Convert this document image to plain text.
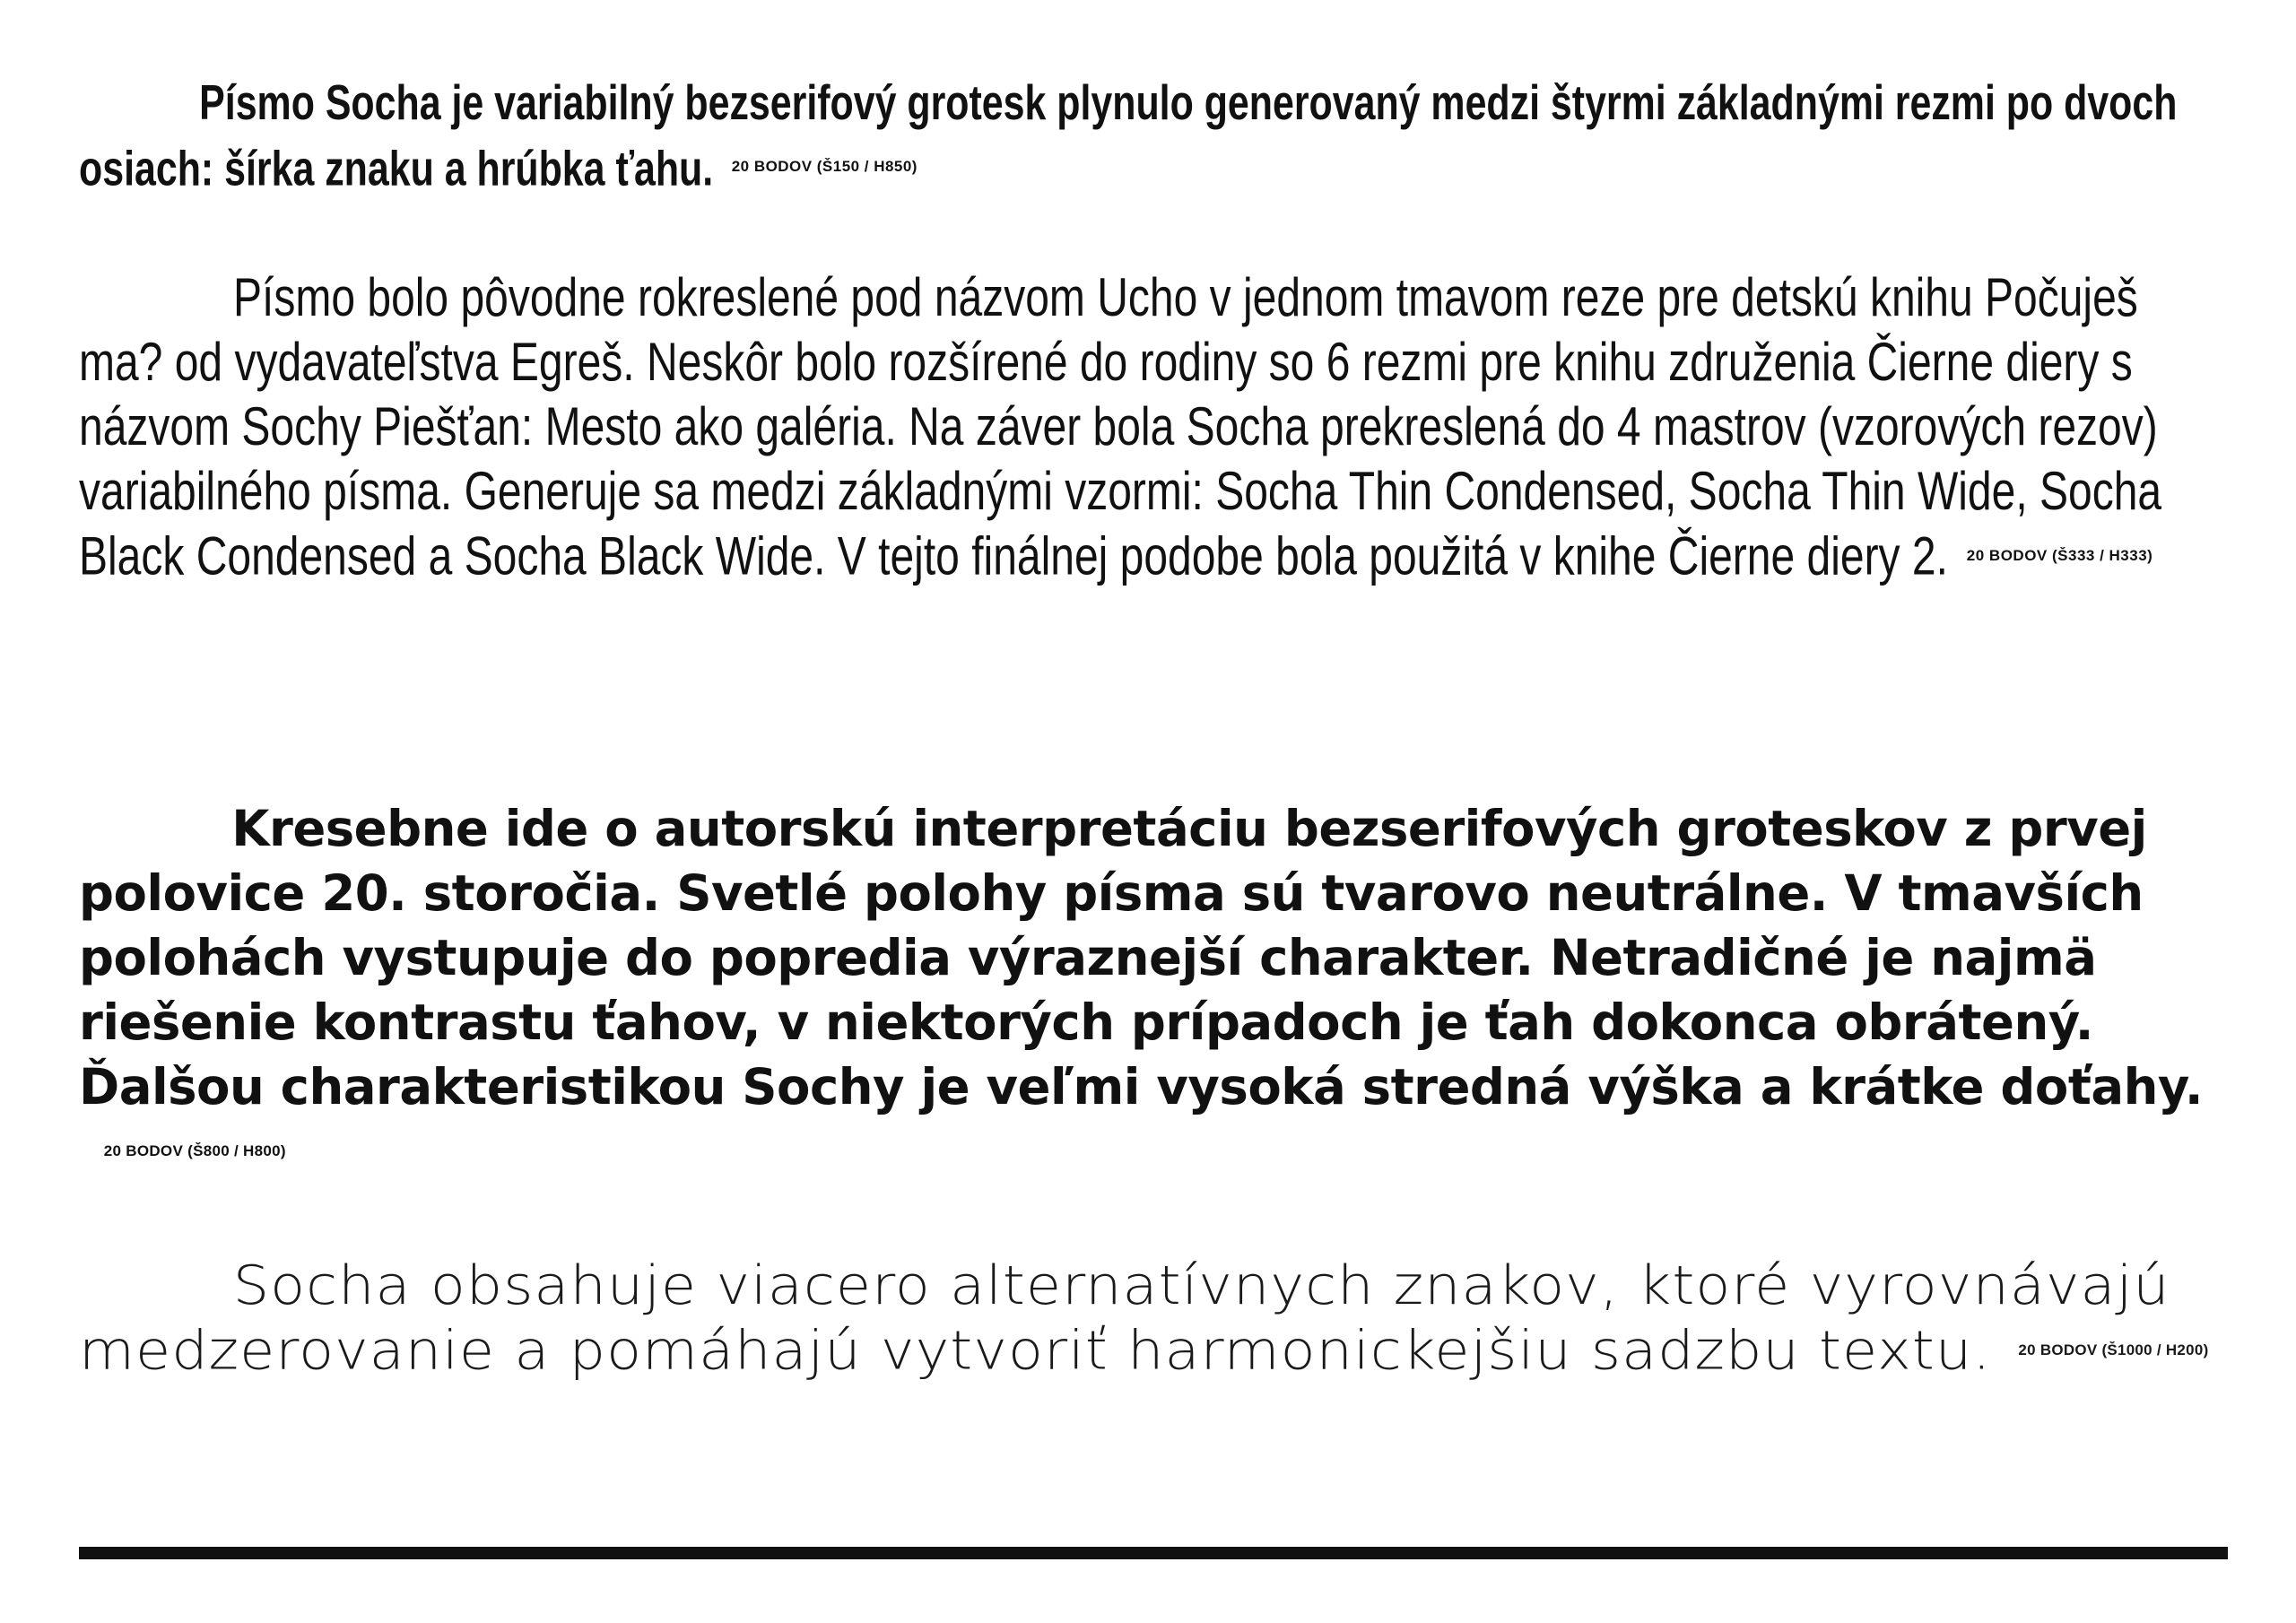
Písmo Socha je variabilný bezserifový grotesk plynulo generovaný medzi štyrmi základnými rezmi po dvoch osiach: šírka znaku a hrúbka ťahu. 20 BODOV (Š150 / H850)

Písmo bolo pôvodne rokreslené pod názvom Ucho v jednom tmavom reze pre detskú knihu Počuješ ma? od vydavateľstva Egreš. Neskôr bolo rozšírené do rodiny so 6 rezmi pre knihu združenia Čierne diery s názvom Sochy Piešťan: Mesto ako galéria. Na záver bola Socha prekreslená do 4 mastrov (vzorových rezov) variabilného písma. Generuje sa medzi základnými vzormi: Socha Thin Condensed, Socha Thin Wide, Socha Black Condensed a Socha Black Wide. V tejto finálnej podobe bola použitá v knihe Čierne diery 2. 20 BODOV (Š333 / H333)

Kresebne ide o autorskú interpretáciu bezserifových groteskov z prvej polovice 20. storočia. Svetlé polohy písma sú tvarovo neutrálne. V tmavších polohách vystupuje do popredia výraznejší charakter. Netradičné je najmä riešenie kontrastu ťahov, v niektorých prípadoch je ťah dokonca obrátený. Ďalšou charakteristikou Sochy je veľmi vysoká stredná výška a krátke doťahy.20 BODOV (Š800 / H800)

Socha obsahuje viacero alternatívnych znakov, ktoré vyrovnávajú medzerovanie a pomáhajú vytvoriť harmonickejšiu sadzbu textu. 20 BODOV (Š1000 / H200)
